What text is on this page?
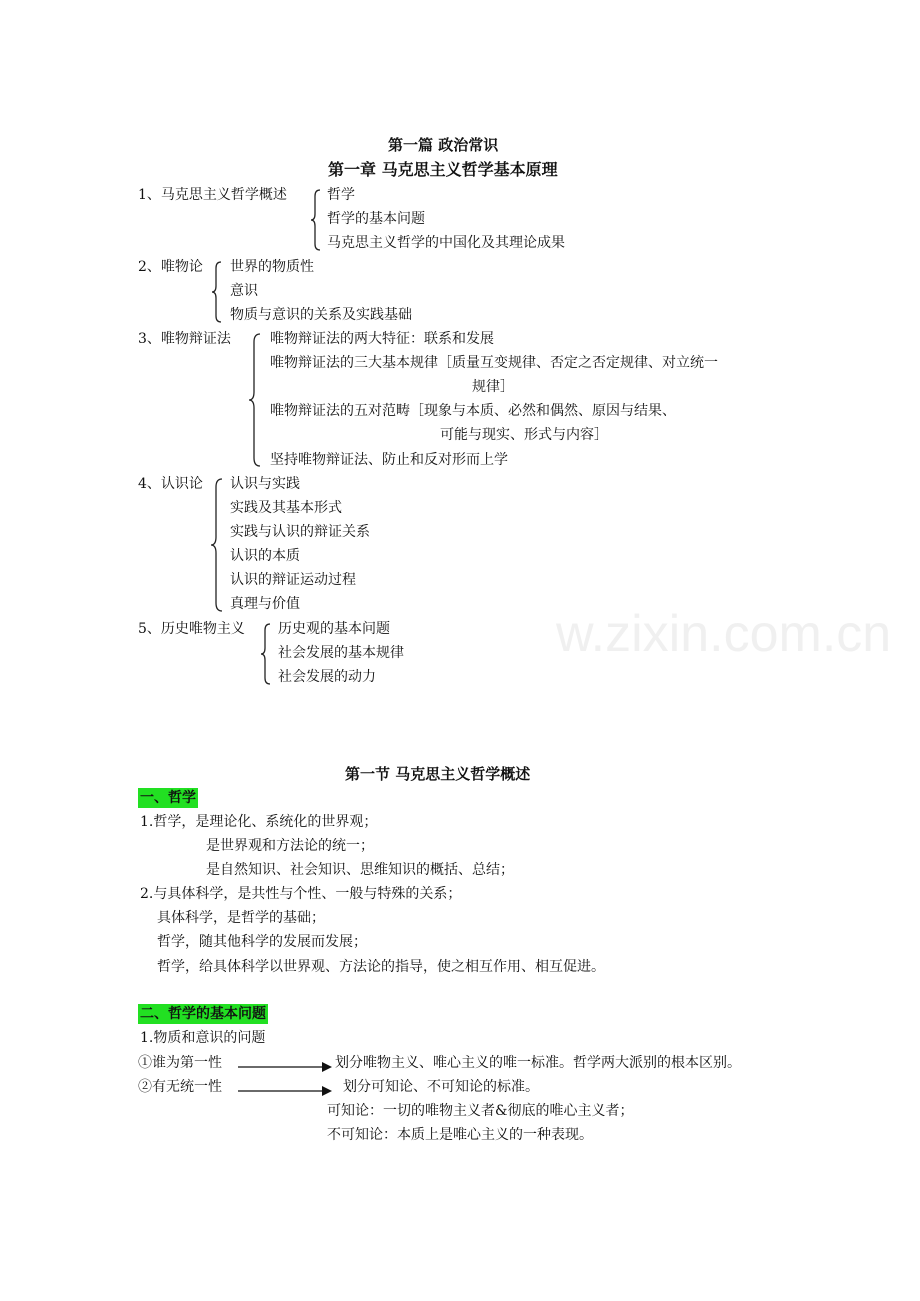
第一篇 政治常识
第一章 马克思主义哲学基本原理
1、马克思主义哲学概述	哲学
哲学的基本问题
马克思主义哲学的中国化及其理论成果
2、唯物论 世界的物质性
意识
物质与意识的关系及实践基础
3、唯物辩证法	唯物辩证法的两大特征：联系和发展
唯物辩证法的三大基本规律［质量互变规律、否定之否定规律、对立统一
规律］
唯物辩证法的五对范畴［现象与本质、必然和偶然、原因与结果、
可能与现实、形式与内容］
坚持唯物辩证法、防止和反对形而上学
4、认识论 认识与实践
实践及其基本形式
实践与认识的辩证关系
认识的本质
认识的辩证运动过程
真理与价值
5、历史唯物主义 历史观的基本问题
社会发展的基本规律
社会发展的动力
w.zixin.com.cn
第一节 马克思主义哲学概述
一、哲学
1.哲学，是理论化、系统化的世界观；
是世界观和方法论的统一；
是自然知识、社会知识、思维知识的概括、总结；
2.与具体科学，是共性与个性、一般与特殊的关系；
具体科学，是哲学的基础；
哲学，随其他科学的发展而发展；
哲学，给具体科学以世界观、方法论的指导，使之相互作用、相互促进。
二、哲学的基本问题
1.物质和意识的问题
①谁为第一性	划分唯物主义、唯心主义的唯一标准。哲学两大派别的根本区别。
②有无统一性	划分可知论、不可知论的标准。
可知论：一切的唯物主义者&彻底的唯心主义者；
不可知论：本质上是唯心主义的一种表现。
